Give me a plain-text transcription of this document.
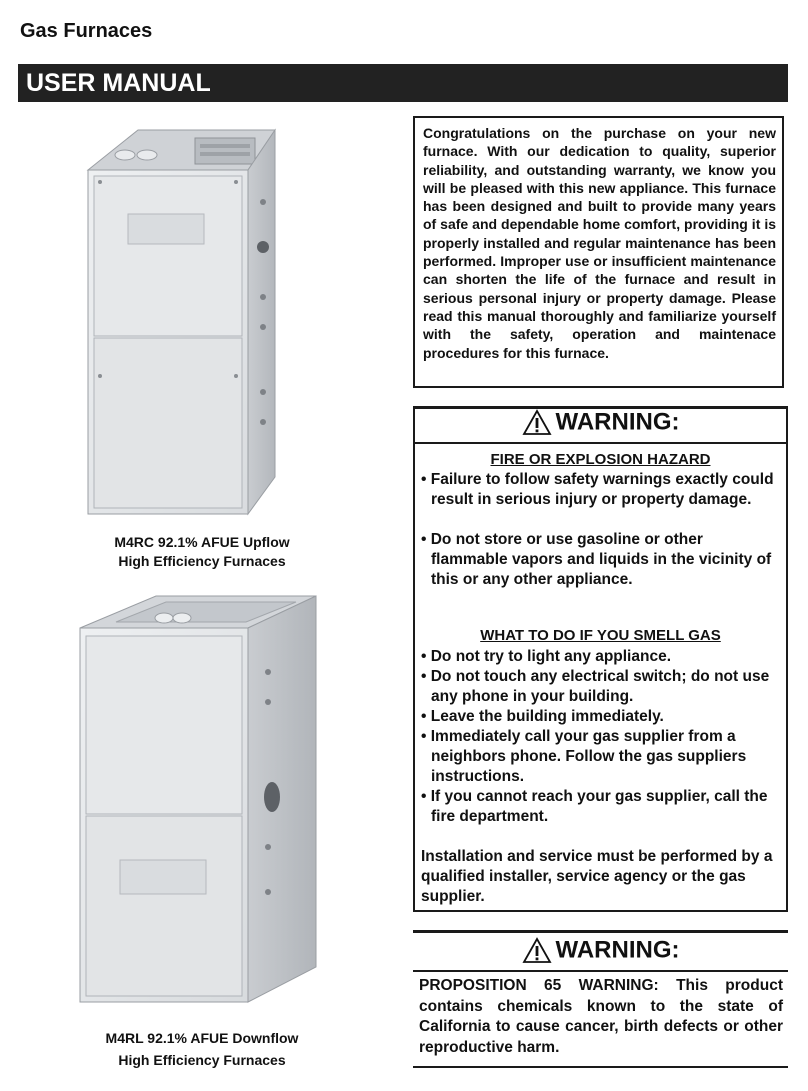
Gas Furnaces
USER MANUAL
M4RC 92.1% AFUE Upflow
High Efficiency Furnaces
M4RL 92.1% AFUE Downflow
High Efficiency Furnaces
Congratulations on the purchase on your new furnace. With our dedication to quality, superior reliability, and outstanding warranty, we know you will be pleased with this new appliance. This furnace has been designed and built to provide many years of safe and dependable home comfort, providing it is properly installed and regular maintenance has been performed. Improper use or insufficient maintenance can shorten the life of the furnace and result in serious personal injury or property damage. Please read this manual thoroughly and familiarize yourself with the safety, operation and maintenace procedures for this furnace.
WARNING:
FIRE OR EXPLOSION HAZARD
• Failure to follow safety warnings exactly could result in serious injury or property damage.
• Do not store or use gasoline or other flammable vapors and liquids in the vicinity of this or any other appliance.
WHAT TO DO IF YOU SMELL GAS
• Do not try to light any appliance.
• Do not touch any electrical switch; do not use any phone in your building.
• Leave the building immediately.
• Immediately call your gas supplier from a neighbors phone. Follow the gas suppliers instructions.
• If you cannot reach your gas supplier, call the fire department.
Installation and service must be performed by a qualified installer, service agency or the gas supplier.
WARNING:
PROPOSITION 65 WARNING: This product contains chemicals known to the state of California to cause cancer, birth defects or other reproductive harm.
